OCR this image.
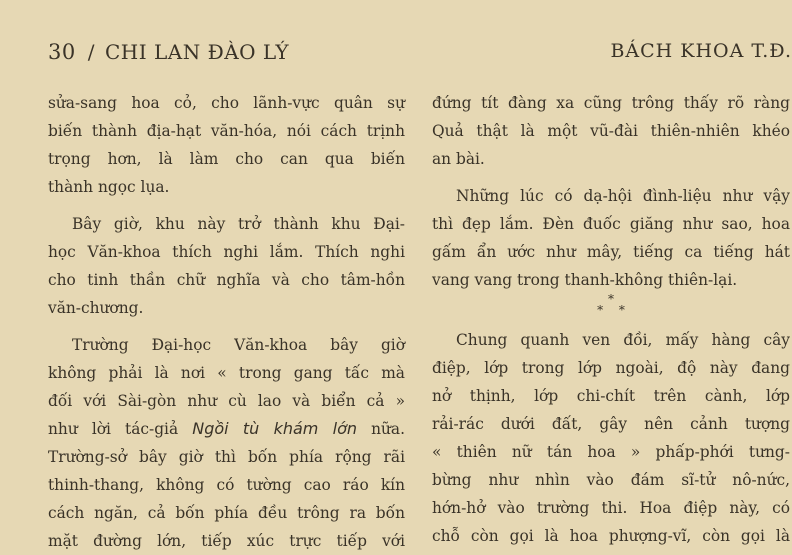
30 / CHI LAN ĐÀO LÝ	BÁCH KHOA T.Đ.
sửa-sang hoa cỏ, cho lãnh-vực quân sự
biến thành địa-hạt văn-hóa, nói cách trịnh
trọng hơn, là làm cho can qua biến
thành ngọc lụa.
Bây giờ, khu này trở thành khu Đại-
học Văn-khoa thích nghi lắm. Thích nghi
cho tinh thần chữ nghĩa và cho tâm-hồn
văn-chương.
Trường Đại-học Văn-khoa bây giờ
không phải là nơi « trong gang tấc mà
đối với Sài-gòn như cù lao và biển cả »
như lời tác-giả Ngồi tù khám lớn nữa.
Trường-sở bây giờ thì bốn phía rộng rãi
thinh-thang, không có tường cao ráo kín
cách ngăn, cả bốn phía đều trông ra bốn
mặt đường lớn, tiếp xúc trực tiếp với
đứng tít đàng xa cũng trông thấy rõ ràng
Quả thật là một vũ-đài thiên-nhiên khéo
an bài.
Những lúc có dạ-hội đình-liệu như vậy
thì đẹp lắm. Đèn đuốc giăng như sao, hoa
gấm ẩn ước như mây, tiếng ca tiếng hát
vang vang trong thanh-không thiên-lại.
*
* *
Chung quanh ven đồi, mấy hàng cây
điệp, lớp trong lớp ngoài, độ này đang
nở thịnh, lớp chi-chít trên cành, lớp
rải-rác dưới đất, gây nên cảnh tượng
« thiên nữ tán hoa » phấp-phới tưng-
bừng như nhìn vào đám sĩ-tử nô-nức,
hớn-hở vào trường thi. Hoa điệp này, có
chỗ còn gọi là hoa phượng-vĩ, còn gọi là
